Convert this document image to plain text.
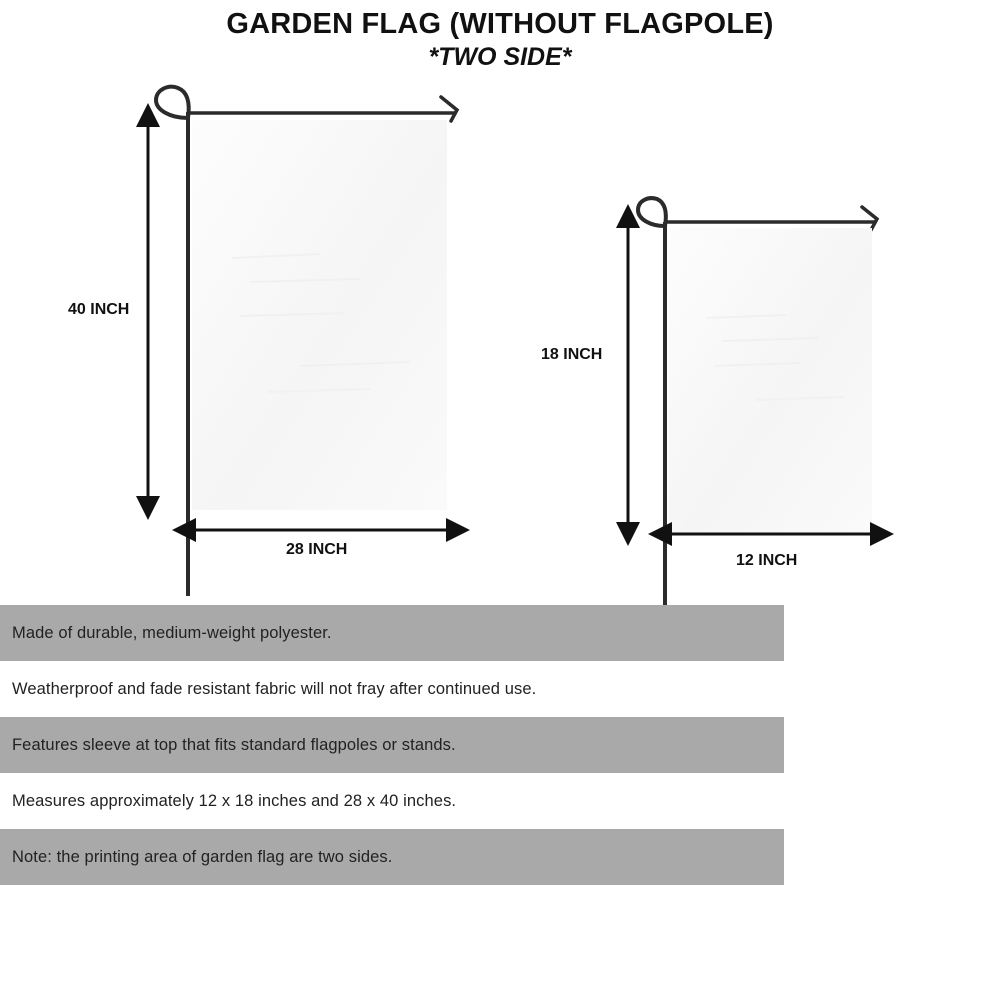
GARDEN FLAG (WITHOUT FLAGPOLE)
*TWO SIDE*
40 INCH
28 INCH
18 INCH
12 INCH
Made of durable, medium-weight polyester.
Weatherproof and fade resistant fabric will not fray after continued use.
Features sleeve at top that fits standard flagpoles or stands.
Measures approximately 12 x 18 inches and 28 x 40 inches.
Note: the printing area of garden flag are two sides.
